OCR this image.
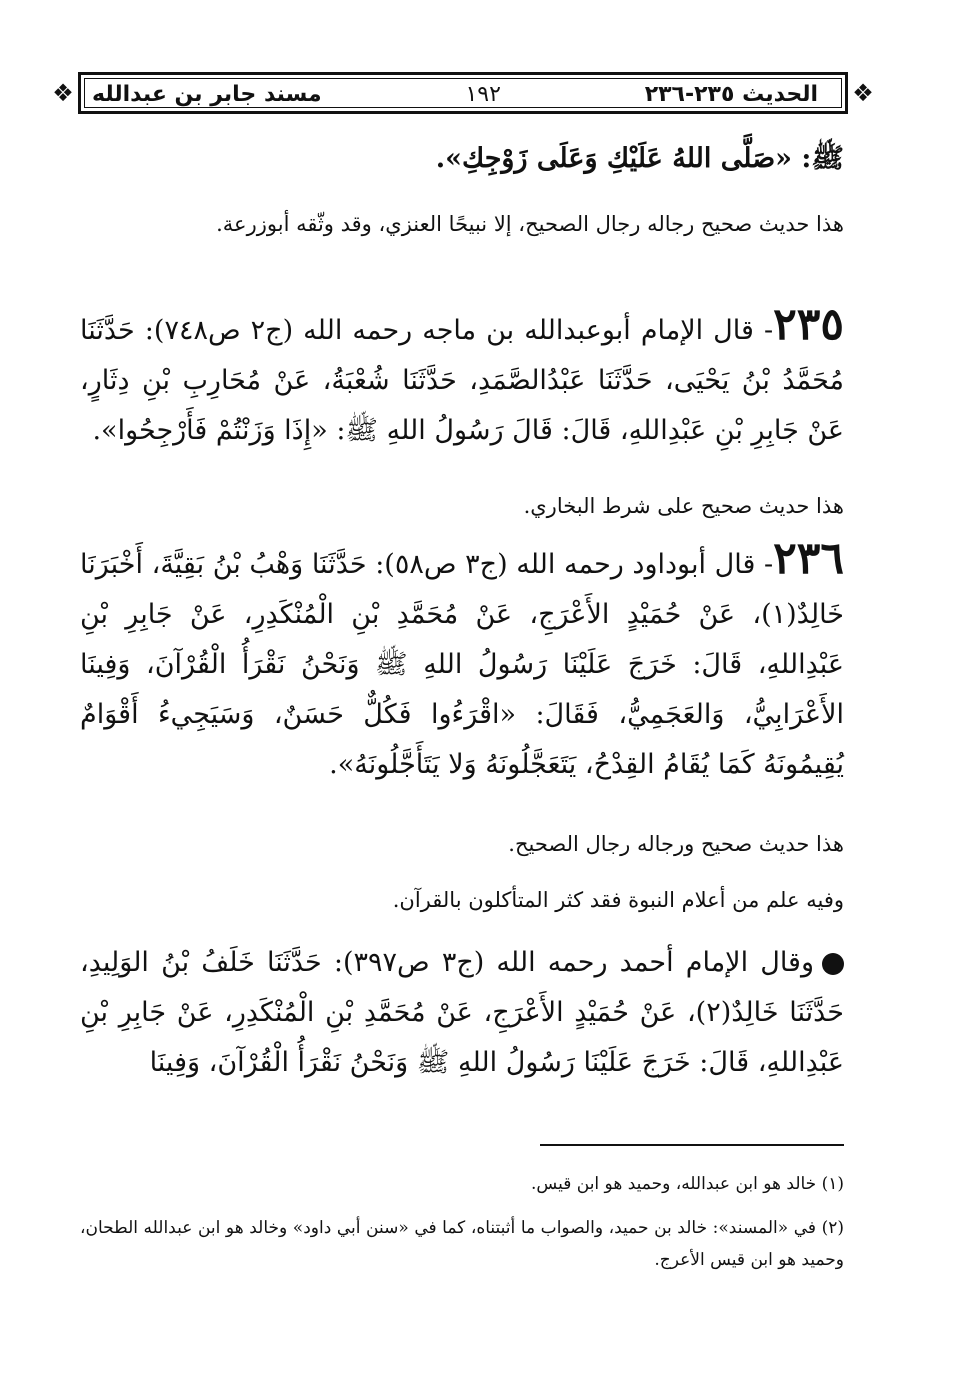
❖	❖
الحديث ٢٣٥-٢٣٦
١٩٢
مسند جابر بن عبدالله
ﷺ: «صَلَّى اللهُ عَلَيْكِ وَعَلَى زَوْجِكِ».
هذا حديث صحيح رجاله رجال الصحيح، إلا نبيحًا العنزي، وقد وثّقه أبوزرعة.
٢٣٥- قال الإمام أبوعبدالله بن ماجه رحمه الله (ج٢ ص٧٤٨): حَدَّثَنَا مُحَمَّدُ بْنُ يَحْيَى، حَدَّثَنَا عَبْدُالصَّمَدِ، حَدَّثَنَا شُعْبَةُ، عَنْ مُحَارِبِ بْنِ دِثَارٍ، عَنْ جَابِرِ بْنِ عَبْدِاللهِ، قَالَ: قَالَ رَسُولُ اللهِ ﷺ: «إِذَا وَزَنْتُمْ فَأَرْجِحُوا».
هذا حديث صحيح على شرط البخاري.
٢٣٦- قال أبوداود رحمه الله (ج٣ ص٥٨): حَدَّثَنَا وَهْبُ بْنُ بَقِيَّةَ، أَخْبَرَنَا خَالِدٌ(١)، عَنْ حُمَيْدٍ الأَعْرَجِ، عَنْ مُحَمَّدِ بْنِ الْمُنْكَدِرِ، عَنْ جَابِرِ بْنِ عَبْدِاللهِ، قَالَ: خَرَجَ عَلَيْنَا رَسُولُ اللهِ ﷺ وَنَحْنُ نَقْرَأُ الْقُرْآنَ، وَفِينَا الأَعْرَابِيُّ، وَالعَجَمِيُّ، فَقَالَ: «اقْرَءُوا فَكُلٌّ حَسَنٌ، وَسَيَجِيءُ أَقْوَامٌ يُقِيمُونَهُ كَمَا يُقَامُ القِدْحُ، يَتَعَجَّلُونَهُ وَلا يَتَأَجَّلُونَهُ».
هذا حديث صحيح ورجاله رجال الصحيح.
وفيه علم من أعلام النبوة فقد كثر المتأكلون بالقرآن.
وقال الإمام أحمد رحمه الله (ج٣ ص٣٩٧): حَدَّثَنَا خَلَفُ بْنُ الوَلِيدِ، حَدَّثَنَا خَالِدٌ(٢)، عَنْ حُمَيْدٍ الأَعْرَجِ، عَنْ مُحَمَّدِ بْنِ الْمُنْكَدِرِ، عَنْ جَابِرِ بْنِ عَبْدِاللهِ، قَالَ: خَرَجَ عَلَيْنَا رَسُولُ اللهِ ﷺ وَنَحْنُ نَقْرَأُ الْقُرْآنَ، وَفِينَا
(١) خالد هو ابن عبدالله، وحميد هو ابن قيس.
(٢) في «المسند»: خالد بن حميد، والصواب ما أثبتناه، كما في «سنن أبي داود» وخالد هو ابن عبدالله الطحان، وحميد هو ابن قيس الأعرج.
